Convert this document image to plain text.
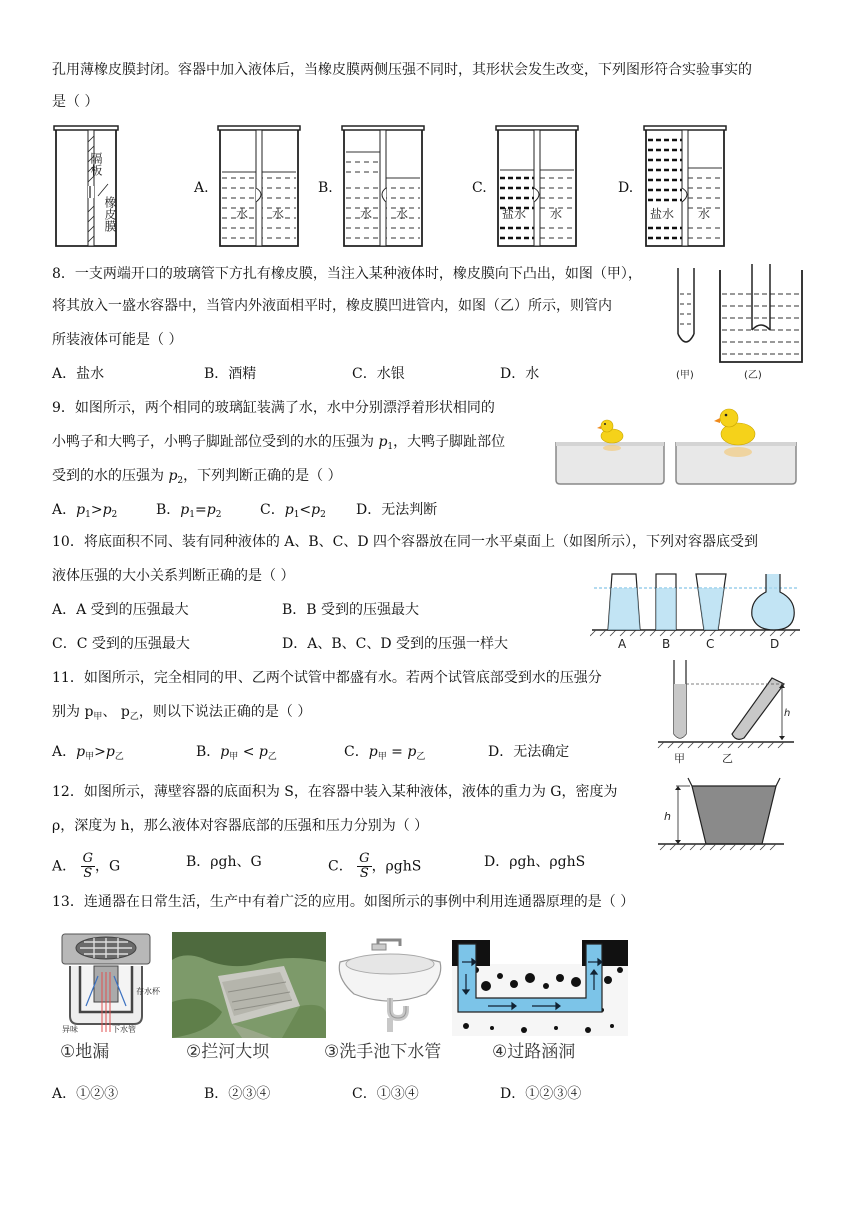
孔用薄橡皮膜封闭。容器中加入液体后，当橡皮膜两侧压强不同时，其形状会发生改变，下列图形符合实验事实的
是（ ）
隔板
橡皮膜
A.
水 水
B.
水 水
C.
盐水 水
D.
盐水 水
8．一支两端开口的玻璃管下方扎有橡皮膜，当注入某种液体时，橡皮膜向下凸出，如图（甲），
将其放入一盛水容器中，当管内外液面相平时，橡皮膜凹进管内，如图（乙）所示，则管内
所装液体可能是（ ）
A．盐水	B．酒精	C．水银	D．水	(甲)	(乙)
9．如图所示，两个相同的玻璃缸装满了水，水中分别漂浮着形状相同的
小鸭子和大鸭子，小鸭子脚趾部位受到的水的压强为 $p_1$，大鸭子脚趾部位
受到的水的压强为 $p_2$，下列判断正确的是（ ）
A．$p_1>p_2$	B．$p_1=p_2$	C．$p_1<p_2$ D．无法判断
10．将底面积不同、装有同种液体的 A、B、C、D 四个容器放在同一水平桌面上（如图所示），下列对容器底受到
液体压强的大小关系判断正确的是（ ）
A．A 受到的压强最大	B．B 受到的压强最大
C．C 受到的压强最大	D．A、B、C、D 受到的压强一样大	A	B	C	D
11．如图所示，完全相同的甲、乙两个试管中都盛有水。若两个试管底部受到水的压强分
别为 $p_甲$、 $p_乙$，则以下说法正确的是（ ）
A．$p_甲>p_乙$	B．$p_甲 < p_乙$	C．$p_甲 = p_乙$	D．无法确定
h
甲	乙
12．如图所示，薄壁容器的底面积为 S，在容器中装入某种液体，液体的重力为 G，密度为
ρ，深度为 h，那么液体对容器底部的压强和压力分别为（ ）
A． $\frac{G}{S}$ ，G	B．ρgh、G	C． $\frac{G}{S}$ ，ρghS	D．ρgh、ρghS
h
13．连通器在日常生活，生产中有着广泛的应用。如图所示的事例中利用连通器原理的是（ ）
存水杯
异味	下水管
①地漏	②拦河大坝	③洗手池下水管	④过路涵洞
A．①②③	B．②③④	C．①③④	D．①②③④
